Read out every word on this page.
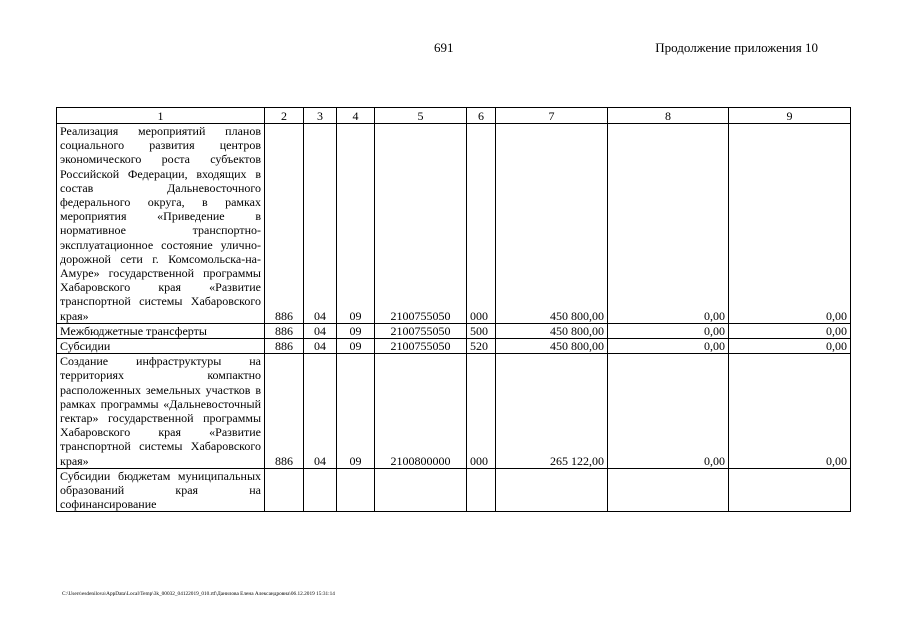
691	Продолжение приложения 10
1	2	3	4	5	6	7	8	9
Реализация мероприятий планов социального развития центров экономического роста субъектов Российской Федерации, входящих в состав Дальневосточного федерального округа, в рамках мероприятия «Приведение в нормативное транспортно-эксплуатационное состояние улично-дорожной сети г. Комсомольска-на-Амуре» государственной программы Хабаровского края «Развитие транспортной системы Хабаровского края»	886	04	09	2100755050	000	450 800,00	0,00	0,00
Межбюджетные трансферты	886	04	09	2100755050	500	450 800,00	0,00	0,00
Субсидии	886	04	09	2100755050	520	450 800,00	0,00	0,00
Создание инфраструктуры на территориях компактно расположенных земельных участков в рамках программы «Дальневосточный гектар» государственной программы Хабаровского края «Развитие транспортной системы Хабаровского края»	886	04	09	2100800000	000	265 122,00	0,00	0,00
Субсидии бюджетам муниципальных образований края на софинансирование								
C:\Users\esdenilova\AppData\Local\Temp\3k_00032_04122019_010.rtf\Данилова Елена Александровна\06.12.2019 15:31:14
